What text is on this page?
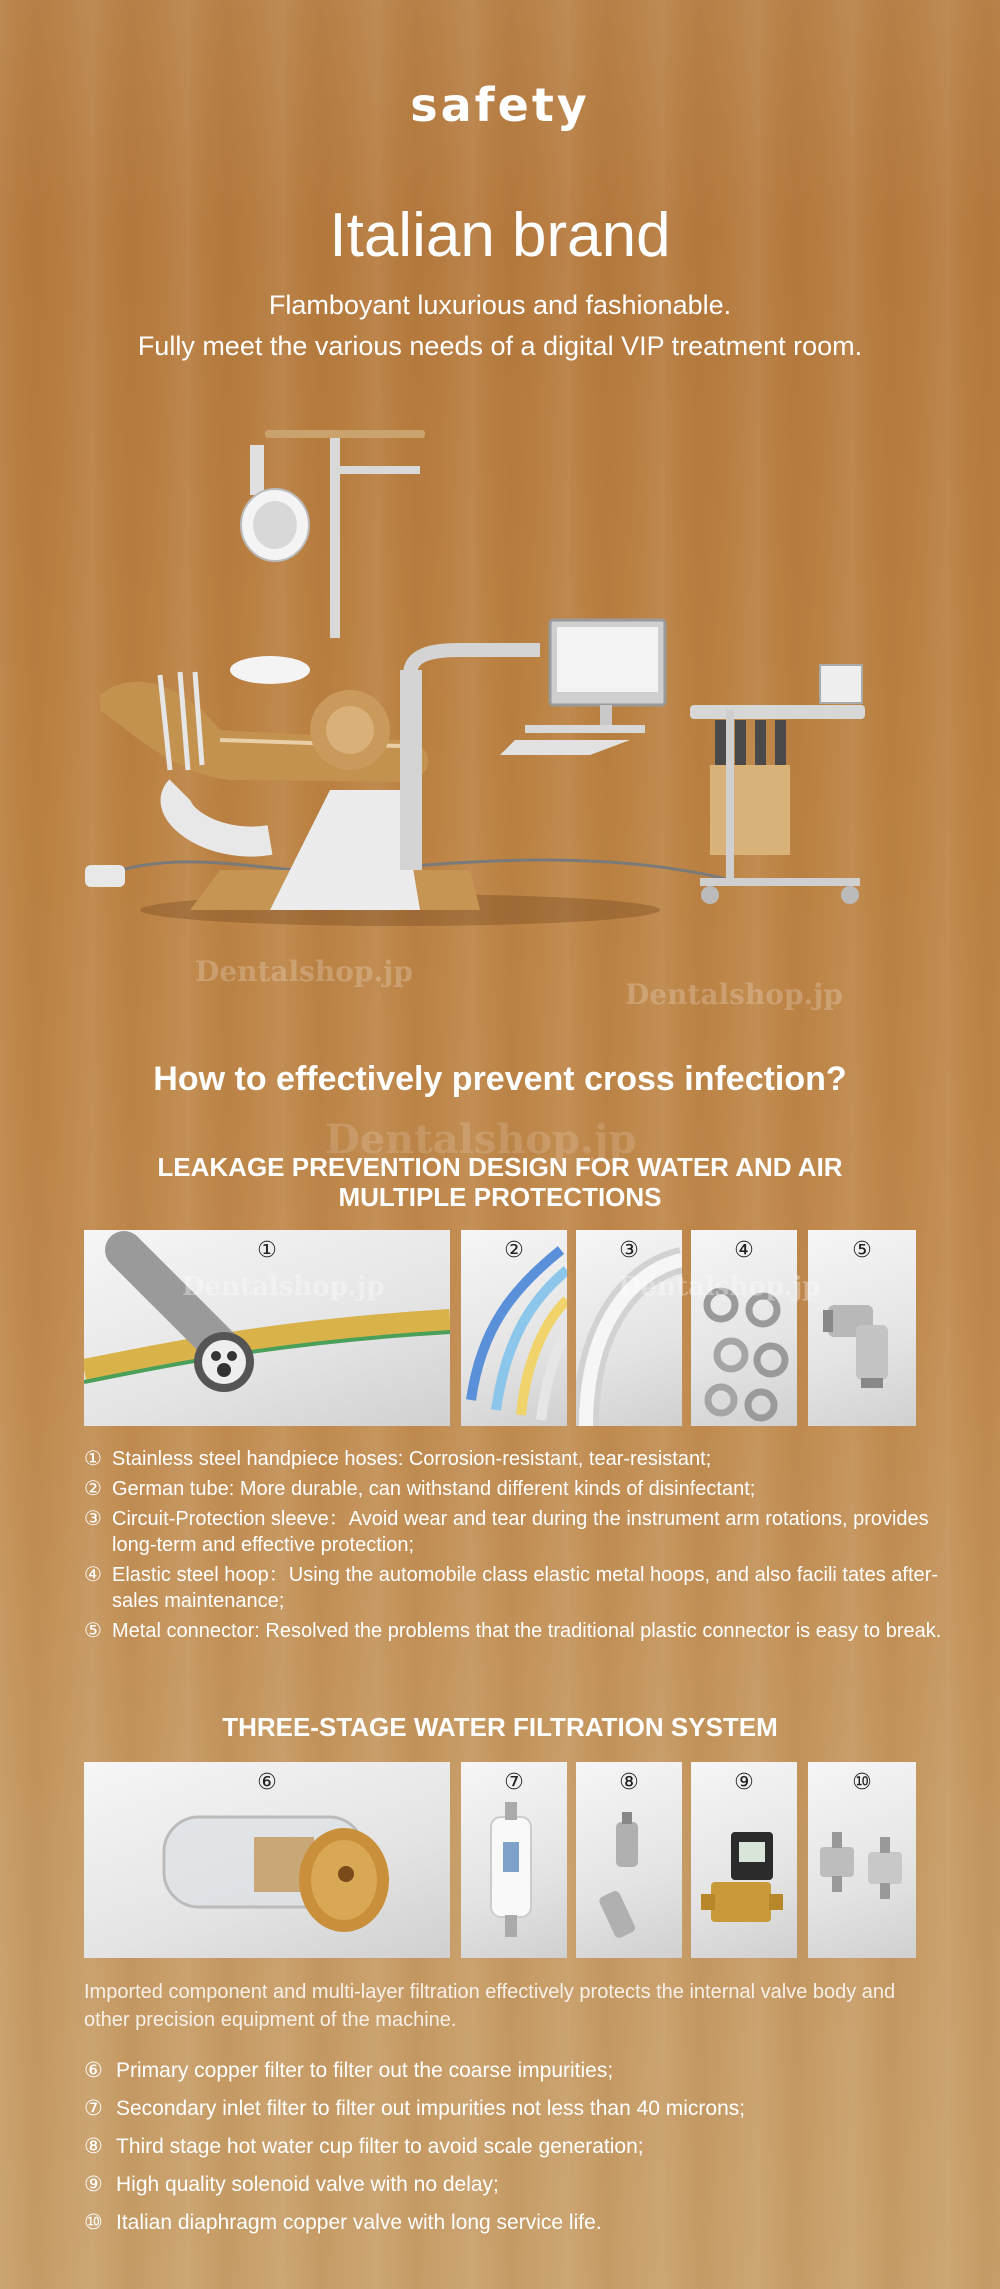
safety
Italian brand
Flamboyant luxurious and fashionable.
Fully meet the various needs of a digital VIP treatment room.
Dentalshop.jp
Dentalshop.jp
Dentalshop.jp
How to effectively prevent cross infection?
LEAKAGE PREVENTION DESIGN FOR WATER AND AIR
MULTIPLE PROTECTIONS
①	②	③	④	⑤
Dentalshop.jp	Dentalshop.jp
① Stainless steel handpiece hoses: Corrosion-resistant, tear-resistant;
② German tube: More durable, can withstand different kinds of disinfectant;
③ Circuit-Protection sleeve：Avoid wear and tear during the instrument arm rotations, provides long-term and effective protection;
④ Elastic steel hoop：Using the automobile class elastic metal hoops, and also facili tates after-sales maintenance;
⑤ Metal connector: Resolved the problems that the traditional plastic connector is easy to break.
THREE-STAGE WATER FILTRATION SYSTEM
⑥	⑦	⑧	⑨	⑩
Imported component and multi-layer filtration effectively protects the internal valve body and other precision equipment of the machine.
⑥ Primary copper filter to filter out the coarse impurities;
⑦ Secondary inlet filter to filter out impurities not less than 40 microns;
⑧ Third stage hot water cup filter to avoid scale generation;
⑨ High quality solenoid valve with no delay;
⑩ Italian diaphragm copper valve with long service life.
